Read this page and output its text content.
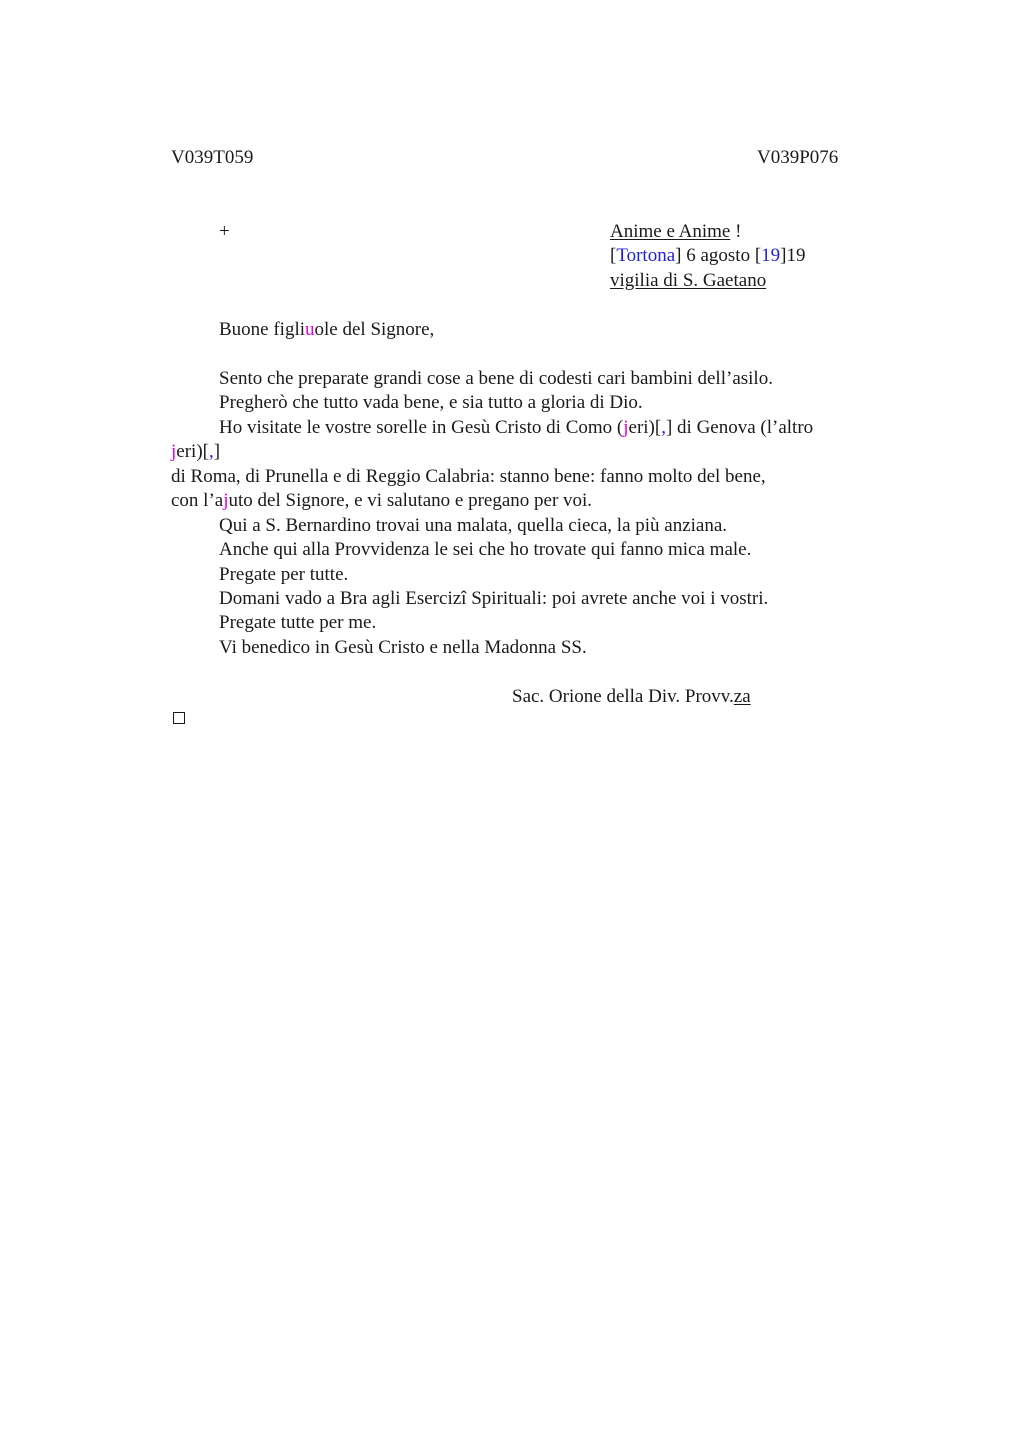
V039T059	V039P076
+	Anime e Anime !
[Tortona] 6 agosto [19]19
vigilia di S. Gaetano
Buone figliuole del Signore,
Sento che preparate grandi cose a bene di codesti cari bambini dell’asilo.
Pregherò che tutto vada bene, e sia tutto a gloria di Dio.
Ho visitate le vostre sorelle in Gesù Cristo di Como (jeri)[,] di Genova (l’altro
jeri)[,]
di Roma, di Prunella e di Reggio Calabria: stanno bene: fanno molto del bene,
con l’ajuto del Signore, e vi salutano e pregano per voi.
Qui a S. Bernardino trovai una malata, quella cieca, la più anziana.
Anche qui alla Provvidenza le sei che ho trovate qui fanno mica male.
Pregate per tutte.
Domani vado a Bra agli Esercizi Spirituali: poi avrete anche voi i vostri.
Pregate tutte per me.
Vi benedico in Gesù Cristo e nella Madonna SS.
Sac. Orione della Div. Provv.za
